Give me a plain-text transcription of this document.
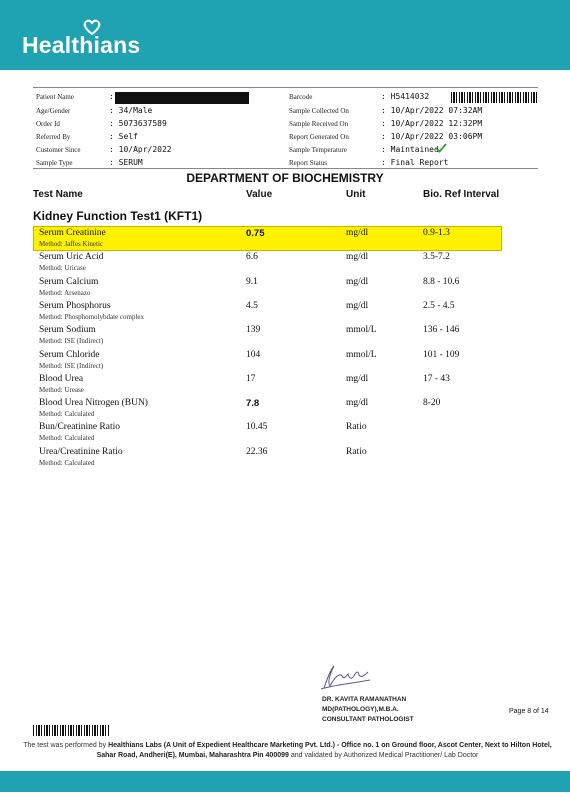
Healthians
Patient Name	:
Age/Gender	: 34/Male
Order Id	: 5073637589
Referred By	: Self
Customer Since	: 10/Apr/2022
Sample Type	: SERUM
Barcode	: H5414032
Sample Collected On	: 10/Apr/2022 07:32AM
Sample Received On	: 10/Apr/2022 12:32PM
Report Generated On	: 10/Apr/2022 03:06PM
Sample Temperature	: Maintained
Report Status	: Final Report
DEPARTMENT OF BIOCHEMISTRY
Test Name	Value	Unit	Bio. Ref Interval
Kidney Function Test1 (KFT1)
Serum Creatinine
Method: Jaffes Kinetic
0.75	mg/dl	0.9-1.3
Serum Uric Acid
Method: Uricase
6.6	mg/dl	3.5-7.2
Serum Calcium
Method: Arsenazo
9.1	mg/dl	8.8 - 10.6
Serum Phosphorus
Method: Phosphomolybdate complex
4.5	mg/dl	2.5 - 4.5
Serum Sodium
Method: ISE (Indirect)
139	mmol/L	136 - 146
Serum Chloride
Method: ISE (Indirect)
104	mmol/L	101 - 109
Blood Urea
Method: Urease
17	mg/dl	17 - 43
Blood Urea Nitrogen (BUN)
Method: Calculated
7.8	mg/dl	8-20
Bun/Creatinine Ratio
Method: Calculated
10.45	Ratio
Urea/Creatinine Ratio
Method: Calculated
22.36	Ratio
DR. KAVITA RAMANATHAN
MD(PATHOLOGY),M.B.A.
CONSULTANT PATHOLOGIST
Page 8 of 14
The test was performed by Healthians Labs (A Unit of Expedient Healthcare Marketing Pvt. Ltd.) - Office no. 1 on Ground floor, Ascot Center, Next to Hilton Hotel, Sahar Road, Andheri(E), Mumbai, Maharashtra Pin 400099 and validated by Authorized Medical Practitioner/ Lab Doctor
